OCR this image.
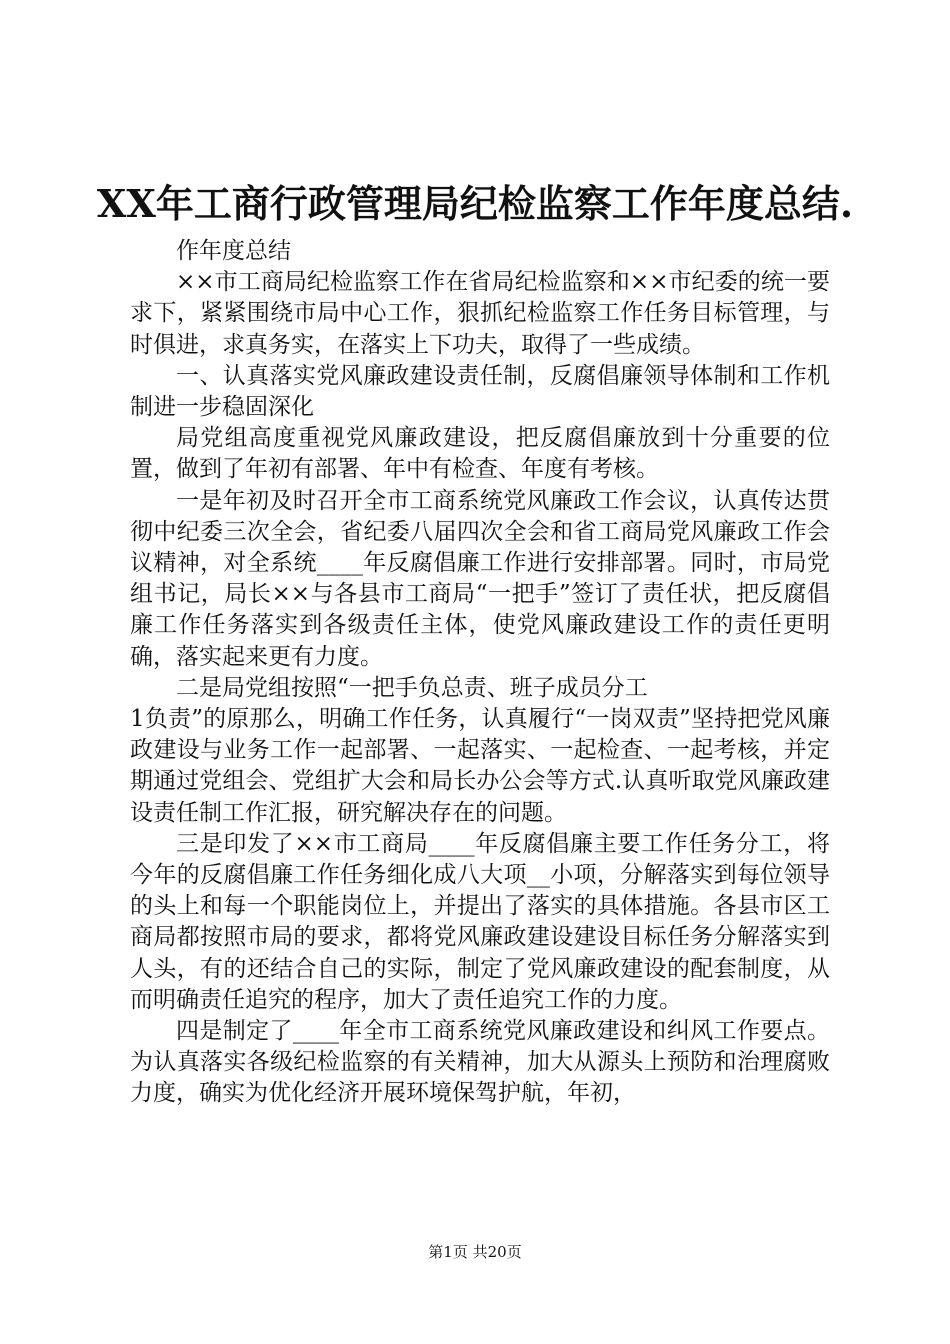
XX年工商行政管理局纪检监察工作年度总结.

作年度总结

××市工商局纪检监察工作在省局纪检监察和××市纪委的统一要求下，紧紧围绕市局中心工作，狠抓纪检监察工作任务目标管理，与时俱进，求真务实，在落实上下功夫，取得了一些成绩。

一、认真落实党风廉政建设责任制，反腐倡廉领导体制和工作机制进一步稳固深化

局党组高度重视党风廉政建设，把反腐倡廉放到十分重要的位置，做到了年初有部署、年中有检查、年度有考核。

一是年初及时召开全市工商系统党风廉政工作会议，认真传达贯彻中纪委三次全会，省纪委八届四次全会和省工商局党风廉政工作会议精神，对全系统____年反腐倡廉工作进行安排部署。同时，市局党组书记，局长××与各县市工商局“一把手”签订了责任状，把反腐倡廉工作任务落实到各级责任主体，使党风廉政建设工作的责任更明确，落实起来更有力度。

二是局党组按照“一把手负总责、班子成员分工

1负责”的原那么，明确工作任务，认真履行“一岗双责”坚持把党风廉政建设与业务工作一起部署、一起落实、一起检查、一起考核，并定期通过党组会、党组扩大会和局长办公会等方式.认真听取党风廉政建设责任制工作汇报，研究解决存在的问题。

三是印发了××市工商局____年反腐倡廉主要工作任务分工，将今年的反腐倡廉工作任务细化成八大项__小项，分解落实到每位领导的头上和每一个职能岗位上，并提出了落实的具体措施。各县市区工商局都按照市局的要求，都将党风廉政建设建设目标任务分解落实到人头，有的还结合自己的实际，制定了党风廉政建设的配套制度，从而明确责任追究的程序，加大了责任追究工作的力度。

四是制定了____年全市工商系统党风廉政建设和纠风工作要点。为认真落实各级纪检监察的有关精神，加大从源头上预防和治理腐败力度，确实为优化经济开展环境保驾护航，年初，

第1页 共20页
